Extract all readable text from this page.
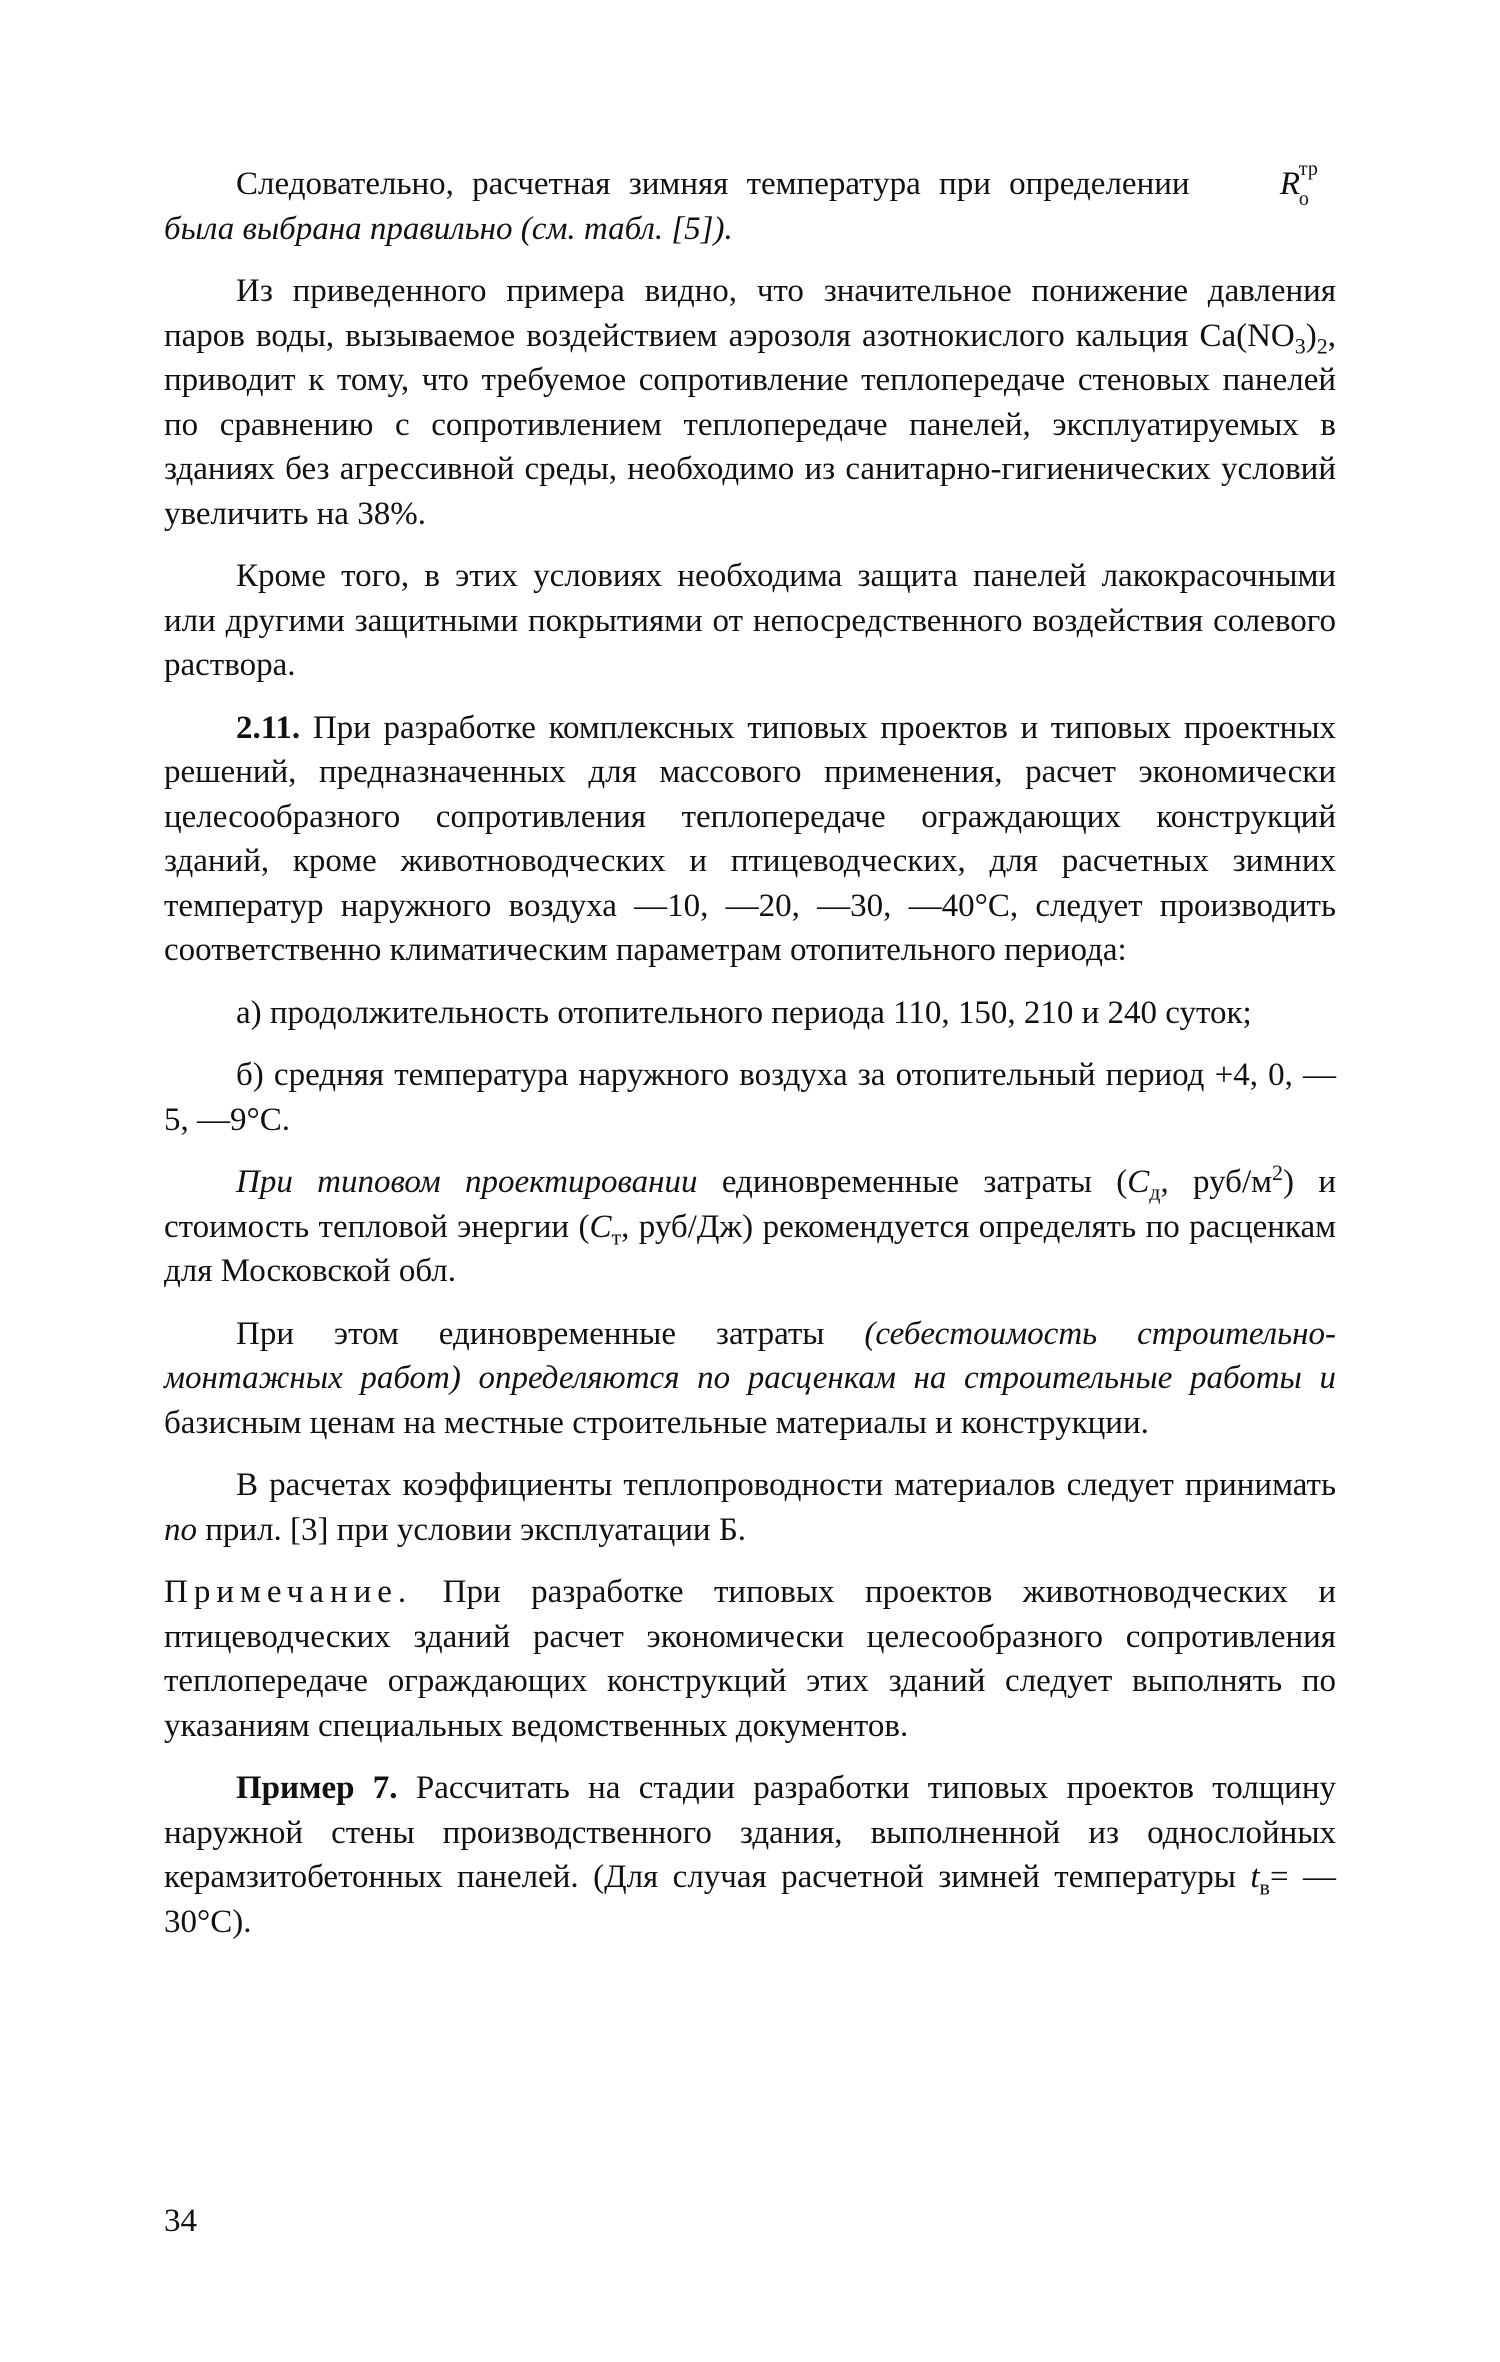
Следовательно, расчетная зимняя температура при определении R
тр
о
была выбрана правильно (см. табл. [5]).

Из приведенного примера видно, что значительное понижение давления паров воды, вызываемое воздействием аэрозоля азотнокислого кальция $Ca(NO_3)_2$, приводит к тому, что требуемое сопротивление теплопередаче стеновых панелей по сравнению с сопротивлением теплопередаче панелей, эксплуатируемых в зданиях без агрессивной среды, необходимо из санитарно-гигиенических условий увеличить на 38%.

Кроме того, в этих условиях необходима защита панелей лакокрасочными или другими защитными покрытиями от непосредственного воздействия солевого раствора.

2.11. При разработке комплексных типовых проектов и типовых проектных решений, предназначенных для массового применения, расчет экономически целесообразного сопротивления теплопередаче ограждающих конструкций зданий, кроме животноводческих и птицеводческих, для расчетных зимних температур наружного воздуха —10, —20, —30, —40°С, следует производить соответственно климатическим параметрам отопительного периода:

а) продолжительность отопительного периода 110, 150, 210 и 240 суток;

б) средняя температура наружного воздуха за отопительный период +4, 0, —5, —9°С.

При типовом проектировании единовременные затраты ($С_д$, руб/$м^2$) и стоимость тепловой энергии ($С_т$, руб/Дж) рекомендуется определять по расценкам для Московской обл.

При этом единовременные затраты (себестоимость строительно-монтажных работ) определяются по расценкам на строительные работы и базисным ценам на местные строительные материалы и конструкции.

В расчетах коэффициенты теплопроводности материалов следует принимать по прил. [3] при условии эксплуатации Б.

Примечание. При разработке типовых проектов животноводческих и птицеводческих зданий расчет экономически целесообразного сопротивления теплопередаче ограждающих конструкций этих зданий следует выполнять по указаниям специальных ведомственных документов.

Пример 7. Рассчитать на стадии разработки типовых проектов толщину наружной стены производственного здания, выполненной из однослойных керамзитобетонных панелей. (Для случая расчетной зимней температуры $t_в=$ —30°С).

34
